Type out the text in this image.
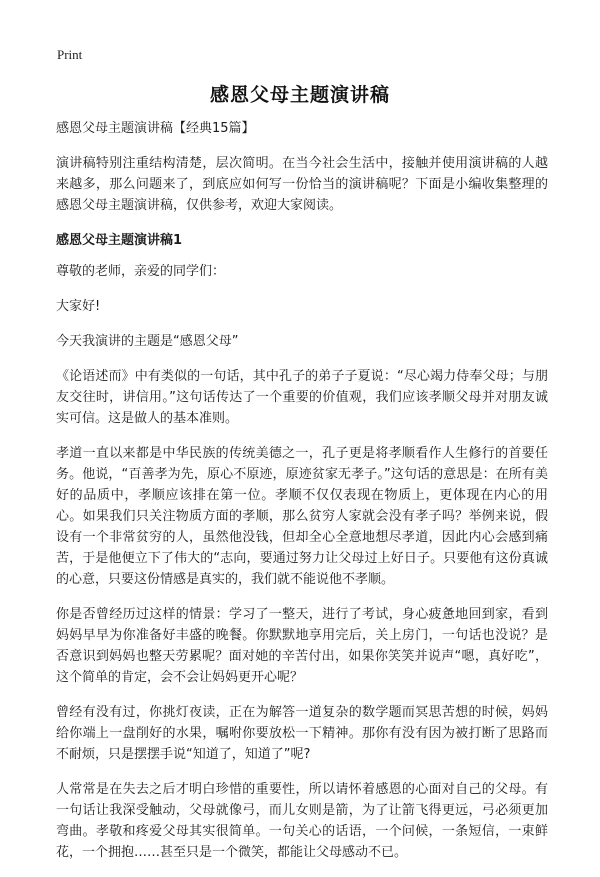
Print
感恩父母主题演讲稿

感恩父母主题演讲稿【经典15篇】

演讲稿特别注重结构清楚，层次简明。在当今社会生活中，接触并使用演讲稿的人越来越多，那么问题来了，到底应如何写一份恰当的演讲稿呢？下面是小编收集整理的感恩父母主题演讲稿，仅供参考，欢迎大家阅读。

感恩父母主题演讲稿1

尊敬的老师，亲爱的同学们：

大家好!

今天我演讲的主题是“感恩父母”

《论语述而》中有类似的一句话，其中孔子的弟子子夏说：“尽心竭力侍奉父母；与朋友交往时，讲信用。”这句话传达了一个重要的价值观，我们应该孝顺父母并对朋友诚实可信。这是做人的基本准则。

孝道一直以来都是中华民族的传统美德之一，孔子更是将孝顺看作人生修行的首要任务。他说，“百善孝为先，原心不原迹，原迹贫家无孝子。”这句话的意思是：在所有美好的品质中，孝顺应该排在第一位。孝顺不仅仅表现在物质上，更体现在内心的用心。如果我们只关注物质方面的孝顺，那么贫穷人家就会没有孝子吗？举例来说，假设有一个非常贫穷的人，虽然他没钱，但却全心全意地想尽孝道，因此内心会感到痛苦，于是他便立下了伟大的“志向，要通过努力让父母过上好日子。只要他有这份真诚的心意，只要这份情感是真实的，我们就不能说他不孝顺。

你是否曾经历过这样的情景：学习了一整天，进行了考试，身心疲惫地回到家，看到妈妈早早为你准备好丰盛的晚餐。你默默地享用完后，关上房门，一句话也没说？是否意识到妈妈也整天劳累呢？面对她的辛苦付出，如果你笑笑并说声“嗯，真好吃”，这个简单的肯定，会不会让妈妈更开心呢？

曾经有没有过，你挑灯夜读，正在为解答一道复杂的数学题而冥思苦想的时候，妈妈给你端上一盘削好的水果，嘱咐你要放松一下精神。那你有没有因为被打断了思路而不耐烦，只是摆摆手说“知道了，知道了”呢?

人常常是在失去之后才明白珍惜的重要性，所以请怀着感恩的心面对自己的父母。有一句话让我深受触动，父母就像弓，而儿女则是箭，为了让箭飞得更远，弓必须更加弯曲。孝敬和疼爱父母其实很简单。一句关心的话语，一个问候，一条短信，一束鲜花，一个拥抱……甚至只是一个微笑，都能让父母感动不已。
